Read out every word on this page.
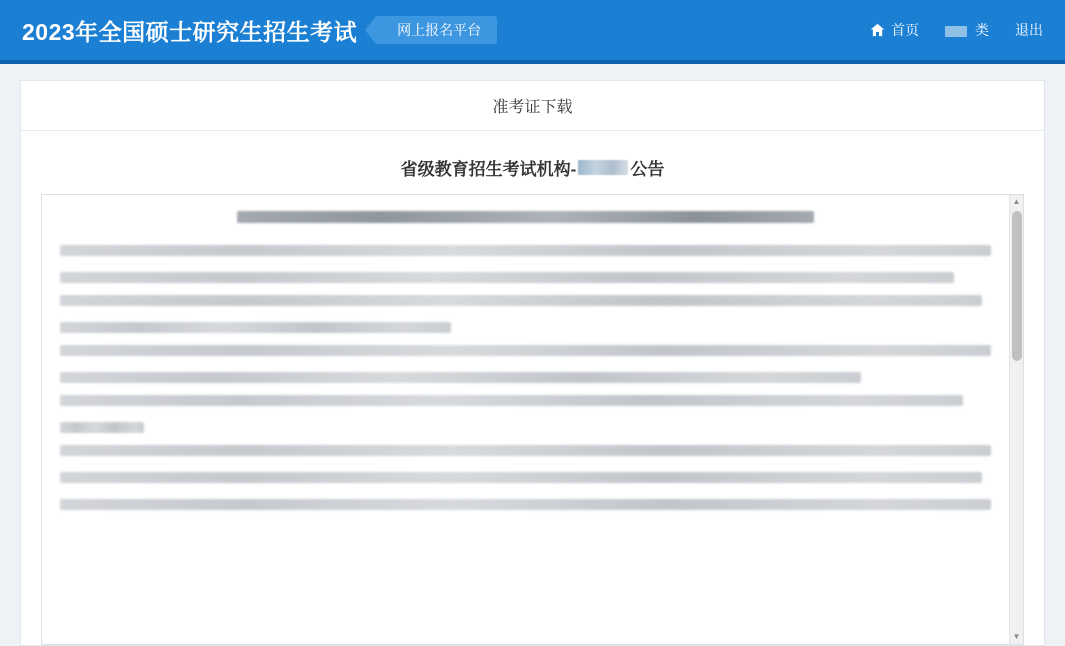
2023年全国硕士研究生招生考试	网上报名平台	首页	类 退出
准考证下载
省级教育招生考试机构-	公告
▲
▼
